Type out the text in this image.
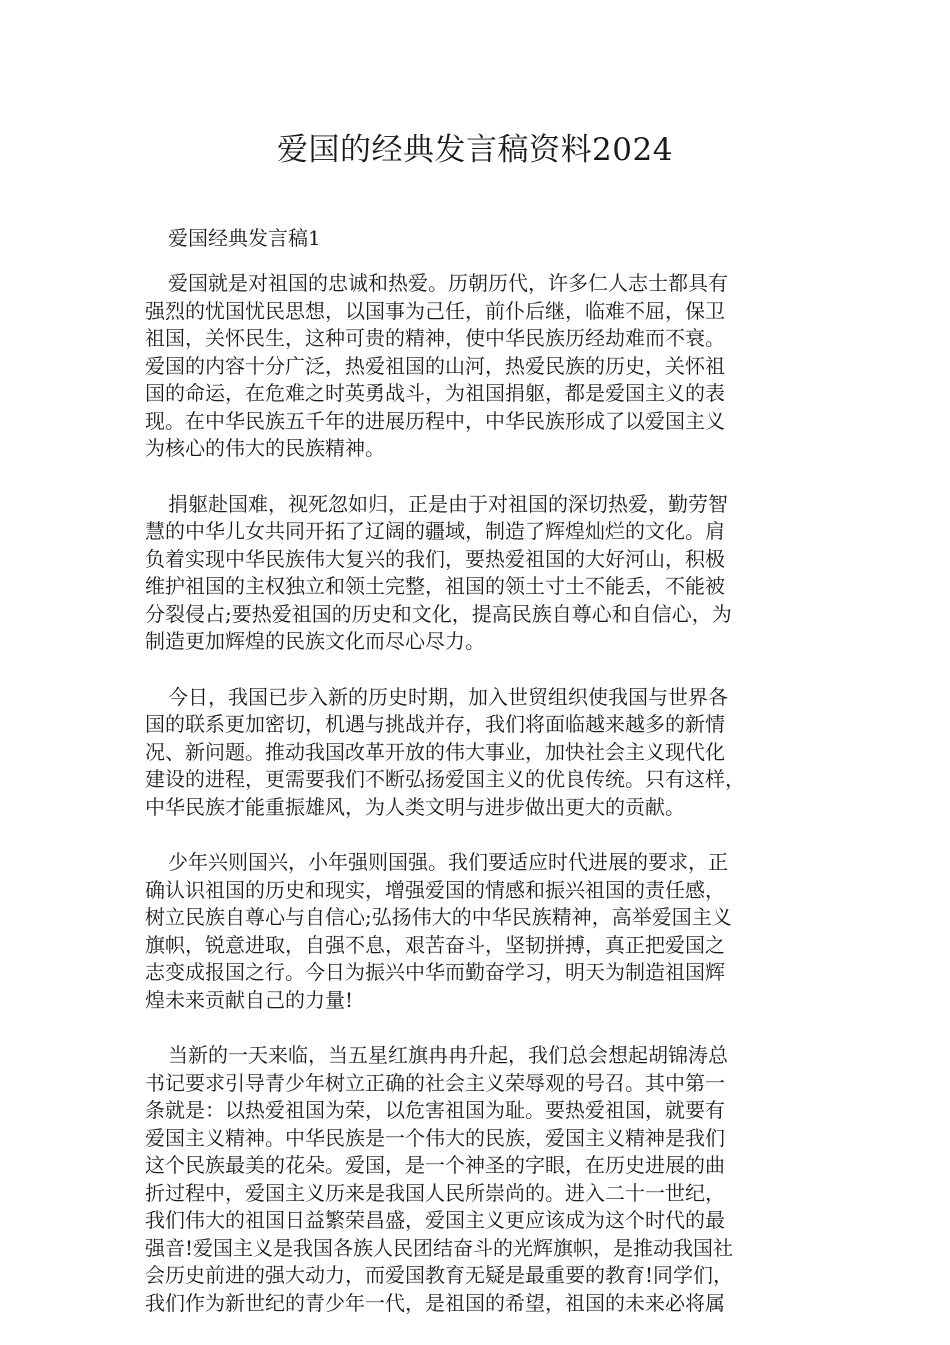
爱国的经典发言稿资料2024
爱国经典发言稿1

爱国就是对祖国的忠诚和热爱。历朝历代，许多仁人志士都具有
强烈的忧国忧民思想，以国事为己任，前仆后继，临难不屈，保卫
祖国，关怀民生，这种可贵的精神，使中华民族历经劫难而不衰。
爱国的内容十分广泛，热爱祖国的山河，热爱民族的历史，关怀祖
国的命运，在危难之时英勇战斗，为祖国捐躯，都是爱国主义的表
现。在中华民族五千年的进展历程中，中华民族形成了以爱国主义
为核心的伟大的民族精神。

捐躯赴国难，视死忽如归，正是由于对祖国的深切热爱，勤劳智
慧的中华儿女共同开拓了辽阔的疆域，制造了辉煌灿烂的文化。肩
负着实现中华民族伟大复兴的我们，要热爱祖国的大好河山，积极
维护祖国的主权独立和领土完整，祖国的领土寸土不能丢，不能被
分裂侵占;要热爱祖国的历史和文化，提高民族自尊心和自信心，为
制造更加辉煌的民族文化而尽心尽力。

今日，我国已步入新的历史时期，加入世贸组织使我国与世界各
国的联系更加密切，机遇与挑战并存，我们将面临越来越多的新情
况、新问题。推动我国改革开放的伟大事业，加快社会主义现代化
建设的进程，更需要我们不断弘扬爱国主义的优良传统。只有这样，
中华民族才能重振雄风，为人类文明与进步做出更大的贡献。

少年兴则国兴，小年强则国强。我们要适应时代进展的要求，正
确认识祖国的历史和现实，增强爱国的情感和振兴祖国的责任感，
树立民族自尊心与自信心;弘扬伟大的中华民族精神，高举爱国主义
旗帜，锐意进取，自强不息，艰苦奋斗，坚韧拼搏，真正把爱国之
志变成报国之行。今日为振兴中华而勤奋学习，明天为制造祖国辉
煌未来贡献自己的力量!

当新的一天来临，当五星红旗冉冉升起，我们总会想起胡锦涛总
书记要求引导青少年树立正确的社会主义荣辱观的号召。其中第一
条就是：以热爱祖国为荣，以危害祖国为耻。要热爱祖国，就要有
爱国主义精神。中华民族是一个伟大的民族，爱国主义精神是我们
这个民族最美的花朵。爱国，是一个神圣的字眼，在历史进展的曲
折过程中，爱国主义历来是我国人民所崇尚的。进入二十一世纪，
我们伟大的祖国日益繁荣昌盛，爱国主义更应该成为这个时代的最
强音!爱国主义是我国各族人民团结奋斗的光辉旗帜，是推动我国社
会历史前进的强大动力，而爱国教育无疑是最重要的教育!同学们，
我们作为新世纪的青少年一代，是祖国的希望，祖国的未来必将属
